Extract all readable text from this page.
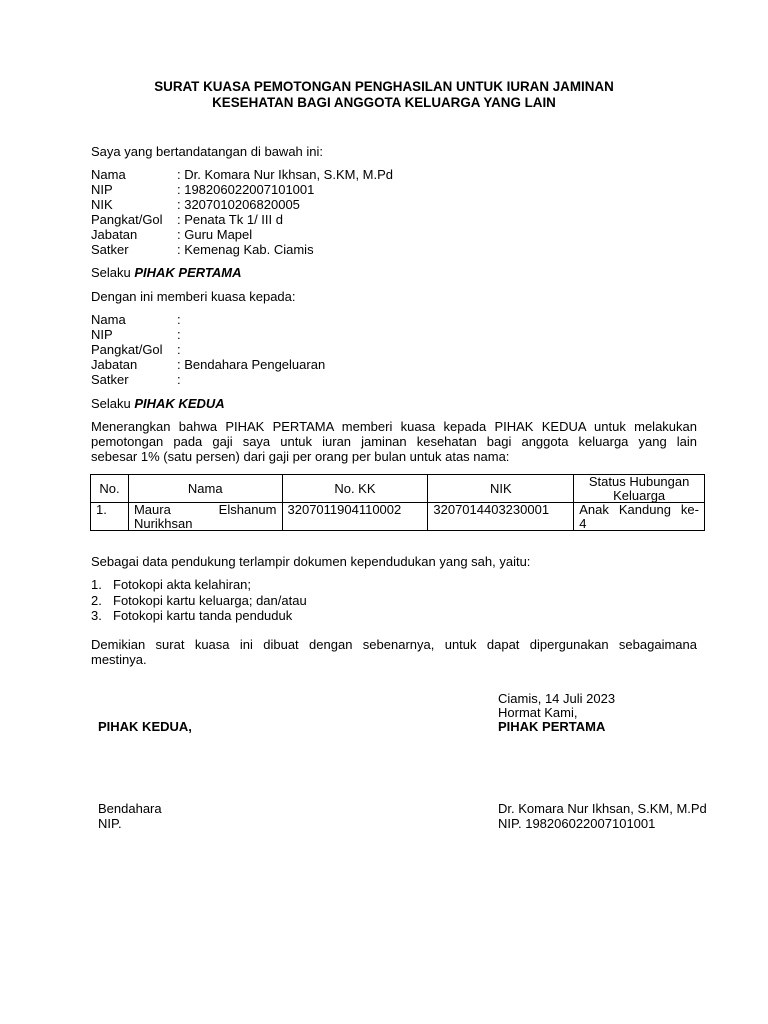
SURAT KUASA PEMOTONGAN PENGHASILAN UNTUK IURAN JAMINAN
KESEHATAN BAGI ANGGOTA KELUARGA YANG LAIN
Saya yang bertandatangan di bawah ini:
Nama	: Dr. Komara Nur Ikhsan, S.KM, M.Pd
NIP	: 198206022007101001
NIK	: 3207010206820005
Pangkat/Gol	: Penata Tk 1/ III d
Jabatan	: Guru Mapel
Satker	: Kemenag Kab. Ciamis
Selaku PIHAK PERTAMA
Dengan ini memberi kuasa kepada:
Nama	:
NIP	:
Pangkat/Gol	:
Jabatan	: Bendahara Pengeluaran
Satker	:
Selaku PIHAK KEDUA
Menerangkan bahwa PIHAK PERTAMA memberi kuasa kepada PIHAK KEDUA untuk melakukan
pemotongan pada gaji saya untuk iuran jaminan kesehatan bagi anggota keluarga yang lain
sebesar 1% (satu persen) dari gaji per orang per bulan untuk atas nama:
No.	Nama	No. KK	NIK	Status Hubungan
Keluarga

1.	Maura Elshanum
Nurikhsan	3207011904110002	3207014403230001	Anak Kandung ke-
4
Sebagai data pendukung terlampir dokumen kependudukan yang sah, yaitu:
1. Fotokopi akta kelahiran;
2. Fotokopi kartu keluarga; dan/atau
3. Fotokopi kartu tanda penduduk
Demikian surat kuasa ini dibuat dengan sebenarnya, untuk dapat dipergunakan sebagaimana
mestinya.
Ciamis, 14 Juli 2023
Hormat Kami,
PIHAK KEDUA,	PIHAK PERTAMA
Bendahara
NIP.
Dr. Komara Nur Ikhsan, S.KM, M.Pd
NIP. 198206022007101001
